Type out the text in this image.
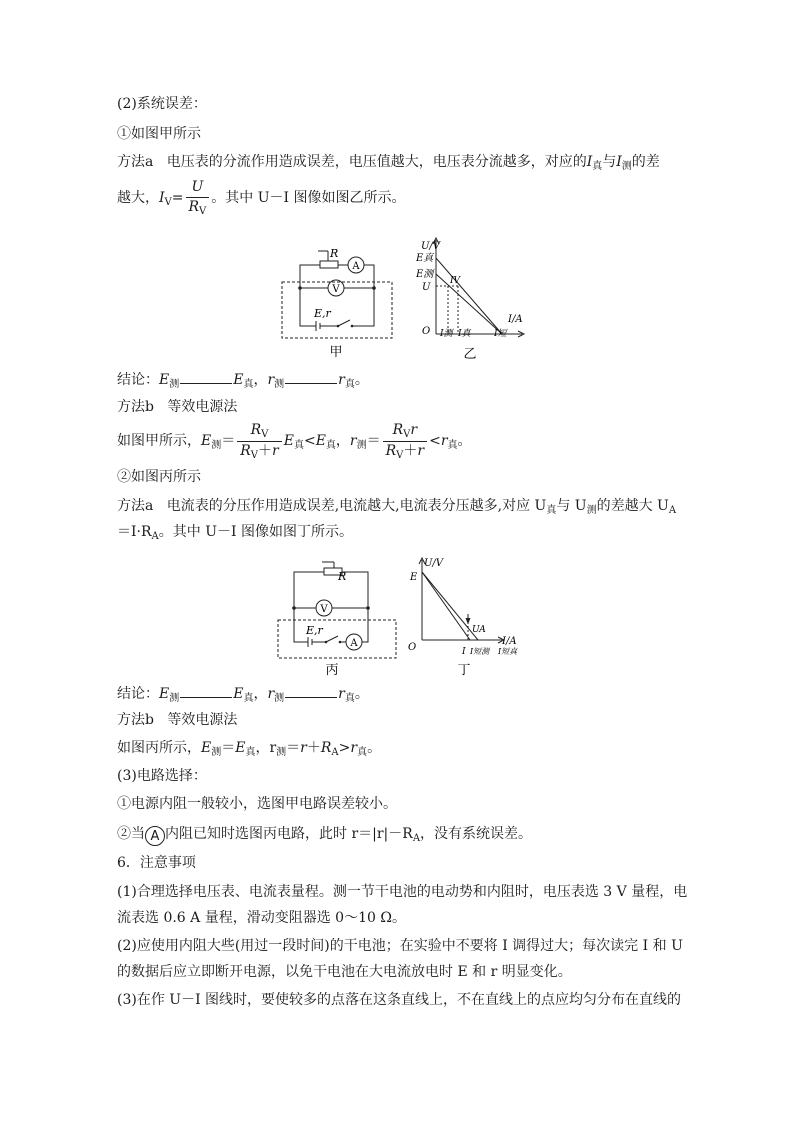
(2)系统误差：
①如图甲所示
方法a 电压表的分流作用造成误差，电压值越大，电压表分流越多，对应的$I_真$与$I_测$的差
越大，$I_V= \frac{U}{R_V}$ 。其中 U－I 图像如图乙所示。
R
A
V
E,r
甲
U/V
E真
E测
U
IV
O I测 I真	I短
I/A
乙
结论：$E_测$	$E_真$，$r_测$	$r_真$。
方法b 等效电源法
如图甲所示，$E_测= \frac{R_V}{R_V+r} E_真<E_真$，$r_测= \frac{R_Vr}{R_V+r} <r_真$。
②如图丙所示
方法a 电流表的分压作用造成误差,电流越大,电流表分压越多,对应 $U_真$与 $U_测$的差越大 $U_A$
$=I\cdot R_A$。其中 U－I 图像如图丁所示。
R
V
E,r
A
丙
U/V
E
UA
I/A
O	I I短测 I短真
丁
结论：$E_测$	$E_真$，$r_测$	$r_真$。
方法b 等效电源法
如图丙所示，$E_测=E_真$，$r_测=r+R_A>r_真$。
(3)电路选择：
①电源内阻一般较小，选图甲电路误差较小。
②当 A 内阻已知时选图丙电路，此时 $r=|r|-R_A$，没有系统误差。
6．注意事项
(1)合理选择电压表、电流表量程。测一节干电池的电动势和内阻时，电压表选 3 V 量程，电
流表选 0.6 A 量程，滑动变阻器选 0～10 Ω。
(2)应使用内阻大些(用过一段时间)的干电池；在实验中不要将 I 调得过大；每次读完 I 和 U
的数据后应立即断开电源，以免干电池在大电流放电时 E 和 r 明显变化。
(3)在作 U－I 图线时，要使较多的点落在这条直线上，不在直线上的点应均匀分布在直线的
